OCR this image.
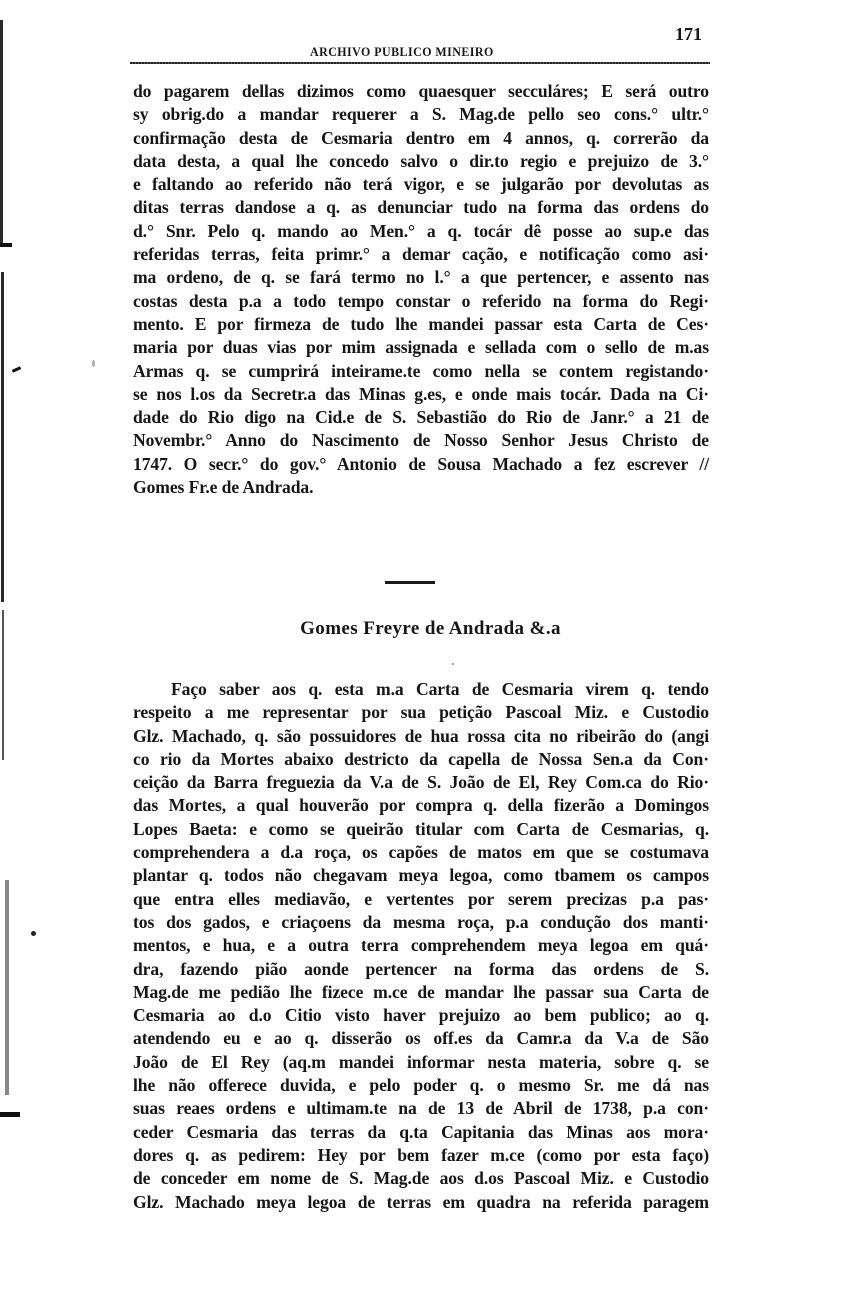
ARCHIVO PUBLICO MINEIRO
171
do pagarem dellas dizimos como quaesquer secculáres; E será outro
sy obrig.do a mandar requerer a S. Mag.de pello seo cons.° ultr.°
confirmação desta de Cesmaria dentro em 4 annos, q. correrão da
data desta, a qual lhe concedo salvo o dir.to regio e prejuizo de 3.°
e faltando ao referido não terá vigor, e se julgarão por devolutas as
ditas terras dandose a q. as denunciar tudo na forma das ordens do
d.° Snr. Pelo q. mando ao Men.° a q. tocár dê posse ao sup.e das
referidas terras, feita primr.° a demar cação, e notificação como asi·
ma ordeno, de q. se fará termo no l.° a que pertencer, e assento nas
costas desta p.a a todo tempo constar o referido na forma do Regi·
mento. E por firmeza de tudo lhe mandei passar esta Carta de Ces·
maria por duas vias por mim assignada e sellada com o sello de m.as
Armas q. se cumprirá inteirame.te como nella se contem registando·
se nos l.os da Secretr.a das Minas g.es, e onde mais tocár. Dada na Ci·
dade do Rio digo na Cid.e de S. Sebastião do Rio de Janr.° a 21 de
Novembr.° Anno do Nascimento de Nosso Senhor Jesus Christo de
1747. O secr.° do gov.° Antonio de Sousa Machado a fez escrever //
Gomes Fr.e de Andrada.
Gomes Freyre de Andrada &.a
Faço saber aos q. esta m.a Carta de Cesmaria virem q. tendo
respeito a me representar por sua petição Pascoal Miz. e Custodio
Glz. Machado, q. são possuidores de hua rossa cita no ribeirão do (angi
co rio da Mortes abaixo destricto da capella de Nossa Sen.a da Con·
ceição da Barra freguezia da V.a de S. João de El, Rey Com.ca do Rio·
das Mortes, a qual houverão por compra q. della fizerão a Domingos
Lopes Baeta: e como se queirão titular com Carta de Cesmarias, q.
comprehendera a d.a roça, os capões de matos em que se costumava
plantar q. todos não chegavam meya legoa, como tbamem os campos
que entra elles mediavão, e vertentes por serem precizas p.a pas·
tos dos gados, e criaçoens da mesma roça, p.a condução dos manti·
mentos, e hua, e a outra terra comprehendem meya legoa em quá·
dra, fazendo pião aonde pertencer na forma das ordens de S.
Mag.de me pedião lhe fizece m.ce de mandar lhe passar sua Carta de
Cesmaria ao d.o Citio visto haver prejuizo ao bem publico; ao q.
atendendo eu e ao q. disserão os off.es da Camr.a da V.a de São
João de El Rey (aq.m mandei informar nesta materia, sobre q. se
lhe não offerece duvida, e pelo poder q. o mesmo Sr. me dá nas
suas reaes ordens e ultimam.te na de 13 de Abril de 1738, p.a con·
ceder Cesmaria das terras da q.ta Capitania das Minas aos mora·
dores q. as pedirem: Hey por bem fazer m.ce (como por esta faço)
de conceder em nome de S. Mag.de aos d.os Pascoal Miz. e Custodio
Glz. Machado meya legoa de terras em quadra na referida paragem
